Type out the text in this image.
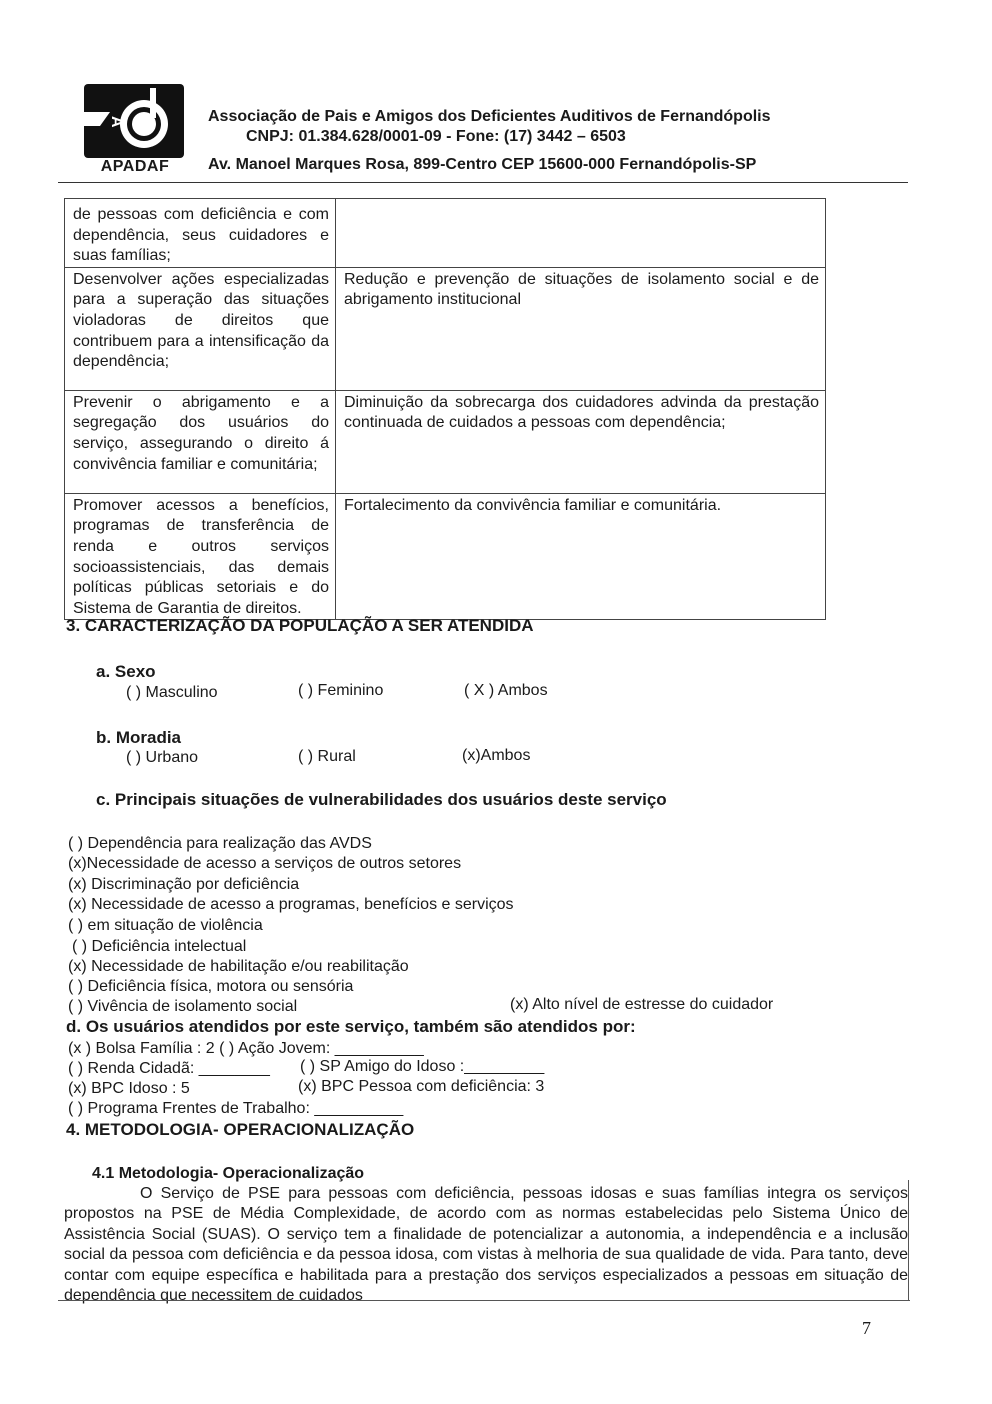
A
APADAF
Associação de Pais e Amigos dos Deficientes Auditivos de Fernandópolis
CNPJ: 01.384.628/0001-09 - Fone: (17) 3442 – 6503
Av. Manoel Marques Rosa, 899-Centro CEP 15600-000 Fernandópolis-SP
de pessoas com deficiência e com dependência, seus cuidadores e suas famílias;	
Desenvolver ações especializadas para a superação das situações violadoras de direitos que contribuem para a intensificação da dependência;	Redução e prevenção de situações de isolamento social e de abrigamento institucional
Prevenir o abrigamento e a segregação dos usuários do serviço, assegurando o direito á convivência familiar e comunitária;	Diminuição da sobrecarga dos cuidadores advinda da prestação continuada de cuidados a pessoas com dependência;
Promover acessos a benefícios, programas de transferência de renda e outros serviços socioassistenciais, das demais políticas públicas setoriais e do Sistema de Garantia de direitos.	Fortalecimento da convivência familiar e comunitária.
3. CARACTERIZAÇÃO DA POPULAÇÃO A SER ATENDIDA
a. Sexo
( ) Masculino	( ) Feminino	( X ) Ambos
b. Moradia
( ) Urbano	( ) Rural	(x)Ambos
c. Principais situações de vulnerabilidades dos usuários deste serviço
( ) Dependência para realização das AVDS
(x)Necessidade de acesso a serviços de outros setores
(x) Discriminação por deficiência
(x) Necessidade de acesso a programas, benefícios e serviços
( ) em situação de violência
( ) Deficiência intelectual
(x) Necessidade de habilitação e/ou reabilitação
( ) Deficiência física, motora ou sensória
( ) Vivência de isolamento social	(x) Alto nível de estresse do cuidador
d. Os usuários atendidos por este serviço, também são atendidos por:
(x ) Bolsa Família : 2 ( ) Ação Jovem: __________
( ) Renda Cidadã: ________ ( ) SP Amigo do Idoso :_________
(x) BPC Idoso : 5	(x) BPC Pessoa com deficiência: 3
( ) Programa Frentes de Trabalho: __________
4. METODOLOGIA- OPERACIONALIZAÇÃO
4.1 Metodologia- Operacionalização

O Serviço de PSE para pessoas com deficiência, pessoas idosas e suas famílias integra os serviços propostos na PSE de Média Complexidade, de acordo com as normas estabelecidas pelo Sistema Único de Assistência Social (SUAS). O serviço tem a finalidade de potencializar a autonomia, a independência e a inclusão social da pessoa com deficiência e da pessoa idosa, com vistas à melhoria de sua qualidade de vida. Para tanto, deve contar com equipe específica e habilitada para a prestação dos serviços especializados a pessoas em situação de dependência que necessitem de cuidados

7
